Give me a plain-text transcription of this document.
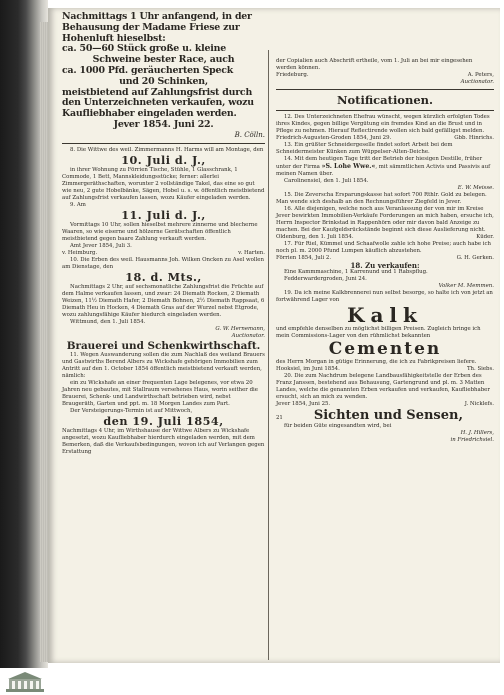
Nachmittags 1 Uhr anfangend, in der

Behausung der Madame Friese zur

Hohenluft hieselbst:

ca. 50—60 Stück große u. kleine

Schweine bester Race, auch

ca. 1000 Pfd. geräucherten Speck

und 20 Schinken,

meistbietend auf Zahlungsfrist durch

den Unterzeichneten verkaufen, wozu

Kaufliebhaber eingeladen werden.

Jever 1854. Juni 22.

B. Cölln.

8. Die Wittwe des weil. Zimmermanns H. Harms will am Montage, den

10. Juli d. J.,

in ihrer Wohnung zu Förrien Tische, Stühle, 1 Glasschrank, 1 Commode, 1 Bett, Mannskleidungsstücke; ferner: allerlei Zimmergeräthschaften, worunter 2 vollständige Takel, das eine so gut wie neu, 2 gute Hobelbänke, Sägen, Hobel u. s. w. öffentlich meistbietend auf Zahlungsfrist verkaufen lassen, wozu Käufer eingeladen werden.

9. Am

11. Juli d. J.,

Vormittags 10 Uhr, sollen hieselbst mehrere zinnerne und blecherne Waaren, so wie eiserne und hölzerne Gerätschaften öffentlich meistbietend gegen baare Zahlung verkauft werden.

Amt Jever 1854, Juli 3.

v. Heimburg.	v. Harten.

10. Die Erben des weil. Hausmanns Joh. Wilken Oncken zu Asel wollen am Dienstage, den

18. d. Mts.,

Nachmittags 2 Uhr, auf sechsmonatliche Zahlungsfrist die Früchte auf dem Halme verkaufen lassen, und zwar: 24 Diemath Rocken, 2 Diemath Weizen, 11½ Diemath Hafer, 2 Diemath Bohnen, 2½ Diemath Rappsaat, 6 Diemath Heu in Hocken, 4 Diemath Gras auf der Wurzel nebst Etgrode, wozu zahlungsfähige Käufer hiedurch eingeladen werden.

Wittmund, den 1. Juli 1854.

G. W. Hernemann,

Auctionator.

Brauerei und Schenkwirthschaft.

11. Wegen Auswanderung sollen die zum Nachlaß des weiland Brauers und Gastwirths Berend Albers zu Wickshafe gehörigen Immobilien zum Antritt auf den 1. October 1854 öffentlich meistbietend verkauft werden, nämlich:

ein zu Wickshafe an einer frequenten Lage belegenes, vor etwa 20 Jahren neu gebautes, mit Stallraum versehenes Haus, worin seither die Brauerei, Schenk- und Landwirthschaft betrieben wird, nebst Braugeräth, Garten und ppt. m. 18 Morgen Landes zum Part.

Der Versteigerungs-Termin ist auf Mittwoch,

den 19. Juli 1854,

Nachmittags 4 Uhr, im Wirthshause der Wittwe Albers zu Wickshafe angesetzt, wozu Kaufliebhaber hierdurch eingeladen werden, mit dem Bemerken, daß die Verkaufsbedingungen, wovon ich auf Verlangen gegen Erstattung

der Copialien auch Abschrift ertheile, vom 1. Juli an bei mir eingesehen werden können.

Friedeburg.	A. Peters,

Auctionator.

Notificationen.

12. Des Unterzeichneten Ehefrau wünscht, wegen kürzlich erfolgten Todes ihres Kindes, gegen billige Vergütung ein fremdes Kind an die Brust und in Pflege zu nehmen. Hierauf Reflectirende wollen sich bald gefälligst melden.

Friedrich-Augusten-Groden 1854, Juni 29.	Gbb. Hinrichs.

13. Ein grüßter Schneidergeselle findet sofort Arbeit bei dem Schneidermeister Künken zum Wüppelser-Alten-Deiche.

14. Mit dem heutigen Tage tritt der Betrieb der hiesigen Destille, früher unter der Firma »S. Lohe Wwe.«, mit sämmtlichen Activis und Passivis auf meinen Namen über.

Carolinensiel, den 1. Juli 1854.

E. W. Meisse.

15. Die Zeverscha Ersparungskasse hat sofort 700 Rthlr. Gold zu belegen. Man wende sich deshalb an den Rechnungsführer Ziegfeld in Jever.

16. Alle diejenigen, welche noch aus Veranlassung der von mir im Kreise Jever bewirkten Immobilien-Verkäufe Forderungen an mich haben, ersuche ich, Herrn Inspector Brinkstad in Rappenhörn oder mir davon bald Anzeige zu machen. Bei der Kaufgeldsrückstände beginnt sich diese Auslieferung nicht.

Oldenburg, den 1. Juli 1854.	Küder.

17. Für Riel, Kümmel und Schaafwolle zahle ich hohe Preise; auch habe ich noch pl. m. 2000 Pfund Lumpen käuflich abzustehen.

Förrien 1854, Juli 2.	G. H. Gerken.

18. Zu verkaufen:

Eine Kammmaschine, 1 Karrenund und 1 Rabspflug.

Fedderwardergroden, Juni 24.

Volker M. Memmen.

19. Da ich meine Kalkbrennerei nun selbst besorge, so halte ich von jetzt an fortwährend Lager von

Kalk

und empfehle denselben zu möglichst billigen Preisen. Zugleich bringe ich mein Commissions-Lager von den rühmlichst bekannten

Cementen

des Herrn Morgan in gütige Erinnerung, die ich zu Fabrikpreisen liefere.

Hooksiel, im Juni 1854.	Th. Siebs.

20. Die zum Nachdrum belegene Landbausfähigkeitstelle der Erben des Franz Janssen, bestehend aus Behausung, Gartengrund und pl. m. 3 Matten Landes, welche die genannten Erben verkaufen und verkaufen, Kaufliebhaber ersucht, sich an mich zu wenden.

Jever 1854, Juni 25.	J. Nicklefs.
21 Sichten und Sensen,

für beiden Güte eingesandten wird, bei

H. J. Hillers,

in Friedrichsiel.
